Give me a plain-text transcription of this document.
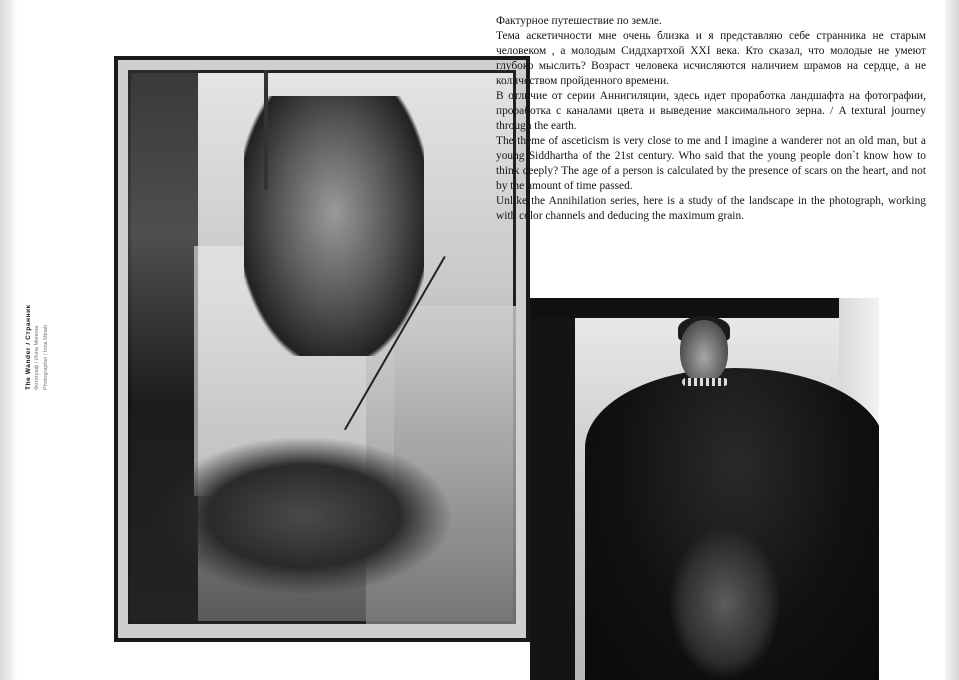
The Wander / Странник Фотограф / Инна Минина Photographer / Inna Minab

Фактурное путешествие по земле.

Тема аскетичности мне очень близка и я представляю себе странника не старым человеком , а молодым Сиддхартхой XXI века. Кто сказал, что молодые не умеют глубоко мыслить? Возраст человека исчисляются наличием шрамов на сердце, а не количеством пройденного времени.

В отличие от серии Аннигиляции, здесь идет проработка ландшафта на фотографии, проработка с каналами цвета и выведение максимального зерна. / A textural journey through the earth.

The theme of asceticism is very close to me and I imagine a wanderer not an old man, but a young Siddhartha of the 21st century. Who said that the young people don`t know how to think deeply? The age of a person is calculated by the presence of scars on the heart, and not by the amount of time passed.

Unlike the Annihilation series, here is a study of the landscape in the photograph, working with color channels and deducing the maximum grain.
